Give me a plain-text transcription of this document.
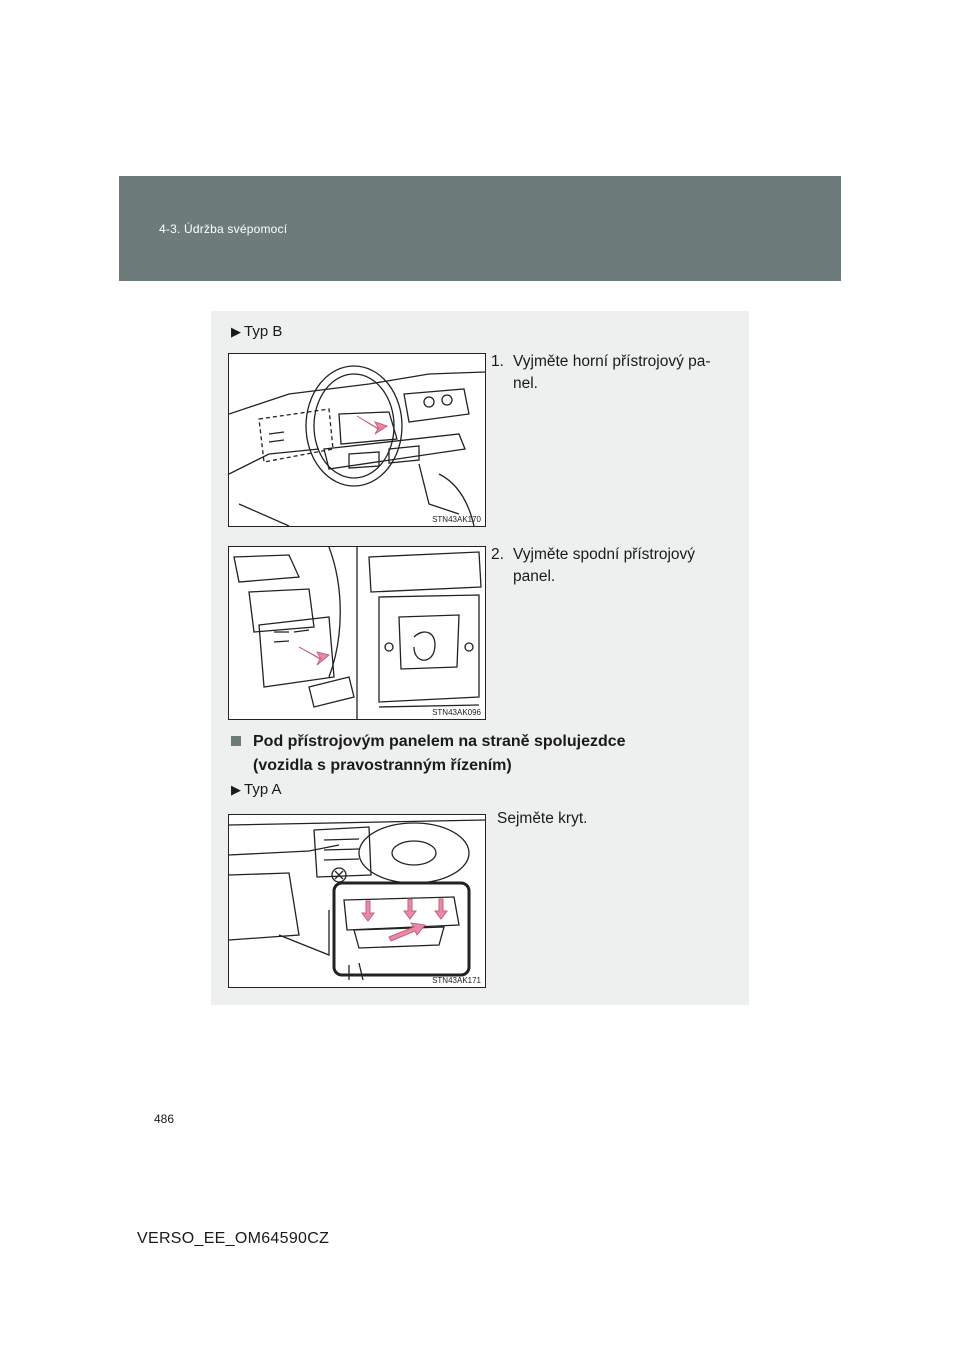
4-3. Údržba svépomocí
▶ Typ B
1. Vyjměte horní přístrojový pa-
nel.
STN43AK170
2. Vyjměte spodní přístrojový
panel.
STN43AK096
Pod přístrojovým panelem na straně spolujezdce
(vozidla s pravostranným řízením)
▶ Typ A
Sejměte kryt.
STN43AK171
486
VERSO_EE_OM64590CZ
